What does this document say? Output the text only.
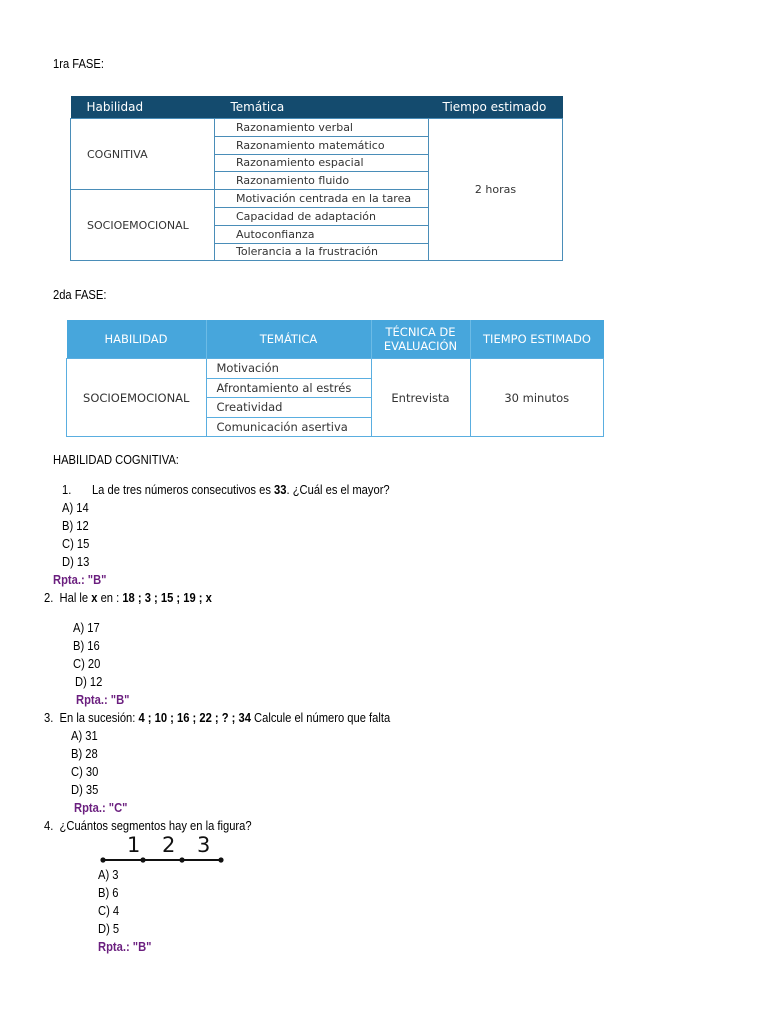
1ra FASE:
Habilidad	Temática	Tiempo estimado
COGNITIVA	Razonamiento verbal	2 horas
	Razonamiento matemático	
	Razonamiento espacial	
	Razonamiento fluido	
SOCIOEMOCIONAL	Motivación centrada en la tarea	
	Capacidad de adaptación	
	Autoconfianza	
	Tolerancia a la frustración	
2da FASE:
HABILIDAD	TEMÁTICA	TÉCNICA DE EVALUACIÓN	TIEMPO ESTIMADO
SOCIOEMOCIONAL	Motivación	Entrevista	30 minutos
	Afrontamiento al estrés		
	Creatividad		
	Comunicación asertiva		
HABILIDAD COGNITIVA:
1. La de tres números consecutivos es 33. ¿Cuál es el mayor?
A) 14
B) 12
C) 15
D) 13
Rpta.: "B"
2. Hal le x en : 18 ; 3 ; 15 ; 19 ; x
A) 17
B) 16
C) 20
D) 12
Rpta.: "B"
3. En la sucesión: 4 ; 10 ; 16 ; 22 ; ? ; 34 Calcule el número que falta
A) 31
B) 28
C) 30
D) 35
Rpta.: "C"
4. ¿Cuántos segmentos hay en la figura?
1 2 3
A) 3
B) 6
C) 4
D) 5
Rpta.: "B"
